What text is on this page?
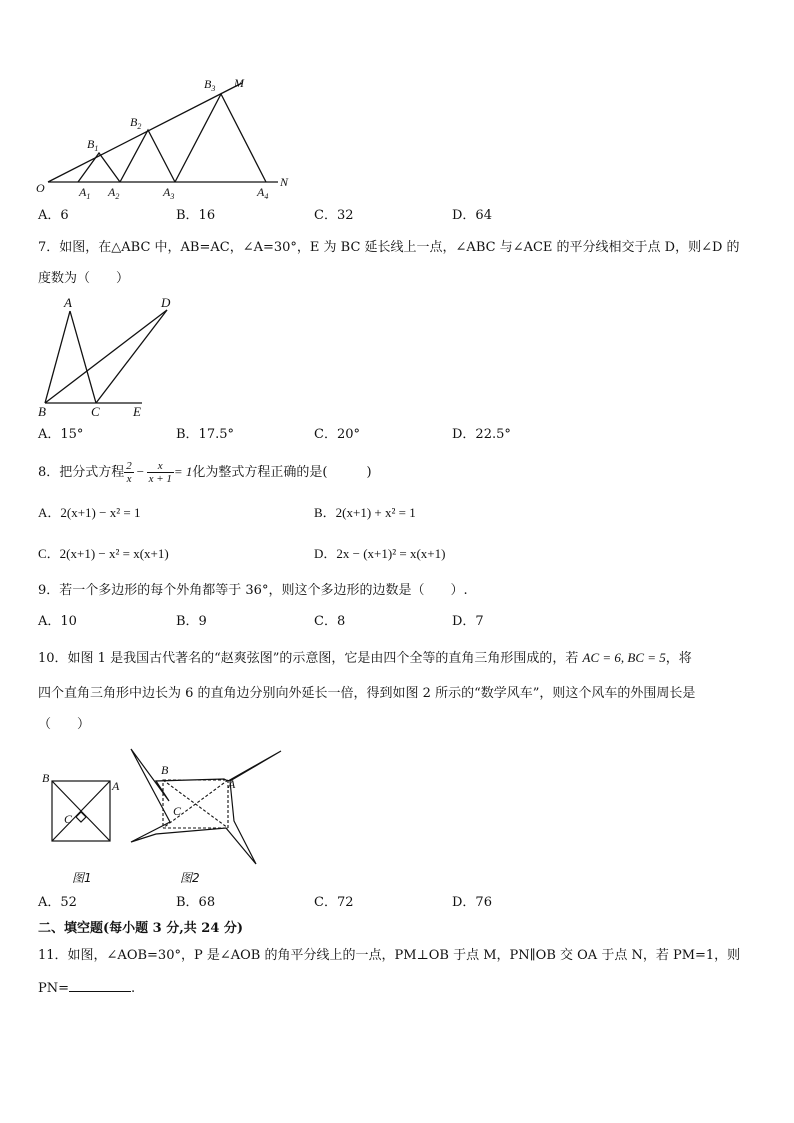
O	$A_1$ $A_2$	$A_3$	$A_4$
$B_1$
$B_2$
$B_3$ M
N
A．6	B．16	C．32	D．64
7．如图，在△ABC 中，AB=AC，∠A=30°，E 为 BC 延长线上一点，∠ABC 与∠ACE 的平分线相交于点 D，则∠D 的
度数为（　　）
A	D
B	C	E
A．15°	B．17.5°	C．20°	D．22.5°
8．把分式方程 $\frac{2}{x} - \frac{x}{x + 1} = 1$化为整式方程正确的是(　　　)
A．2(x+1) − x² = 1	B．2(x+1) + x² = 1
C．2(x+1) − x² = x(x+1)	D．2x − (x+1)² = x(x+1)
9．若一个多边形的每个外角都等于 36°，则这个多边形的边数是（　　）.
A．10	B．9	C．8	D．7
10．如图 1 是我国古代著名的“赵爽弦图”的示意图，它是由四个全等的直角三角形围成的，若 AC = 6, BC = 5，将
四个直角三角形中边长为 6 的直角边分别向外延长一倍，得到如图 2 所示的“数学风车”，则这个风车的外围周长是
（　　）
B
A
C
图1
B
A
C
图2
A．52	B．68	C．72	D．76
二、填空题(每小题 3 分,共 24 分)
11．如图，∠AOB=30°，P 是∠AOB 的角平分线上的一点，PM⊥OB 于点 M，PN∥OB 交 OA 于点 N，若 PM=1，则
PN=	.
